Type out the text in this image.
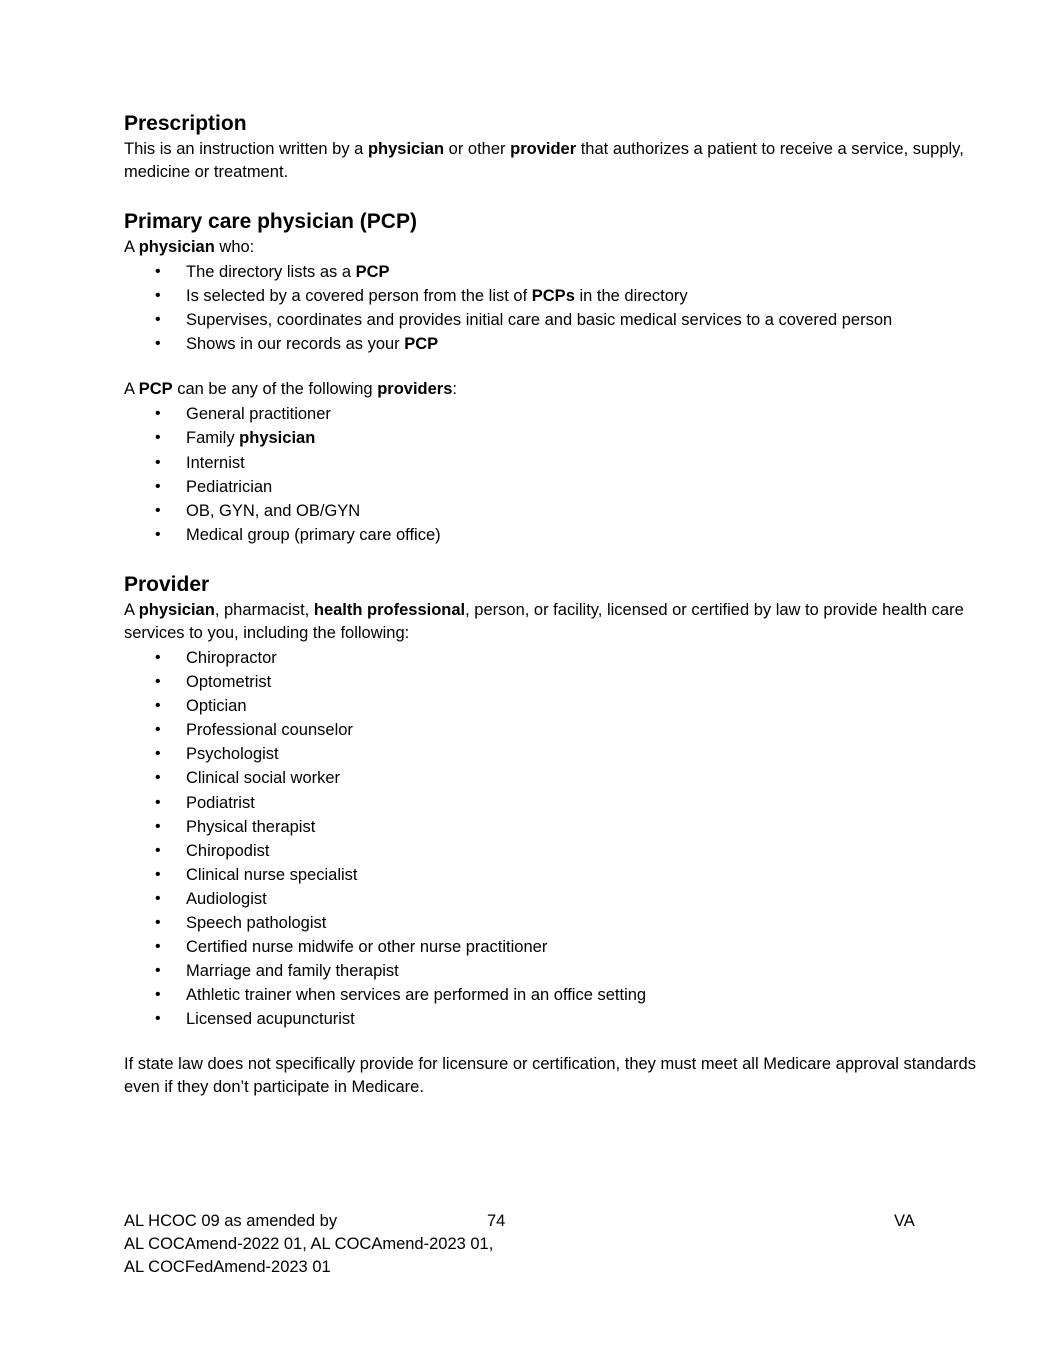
Prescription

This is an instruction written by a physician or other provider that authorizes a patient to receive a service, supply, medicine or treatment.

Primary care physician (PCP)

A physician who:

• The directory lists as a PCP
• Is selected by a covered person from the list of PCPs in the directory
• Supervises, coordinates and provides initial care and basic medical services to a covered person
• Shows in our records as your PCP

A PCP can be any of the following providers:

• General practitioner
• Family physician
• Internist
• Pediatrician
• OB, GYN, and OB/GYN
• Medical group (primary care office)
Provider

A physician, pharmacist, health professional, person, or facility, licensed or certified by law to provide health care services to you, including the following:

• Chiropractor
• Optometrist
• Optician
• Professional counselor
• Psychologist
• Clinical social worker
• Podiatrist
• Physical therapist
• Chiropodist
• Clinical nurse specialist
• Audiologist
• Speech pathologist
• Certified nurse midwife or other nurse practitioner
• Marriage and family therapist
• Athletic trainer when services are performed in an office setting
• Licensed acupuncturist

If state law does not specifically provide for licensure or certification, they must meet all Medicare approval standards even if they don’t participate in Medicare.

AL HCOC 09 as amended by
AL COCAmend-2022 01, AL COCAmend-2023 01,
AL COCFedAmend-2023 01
74	VA
